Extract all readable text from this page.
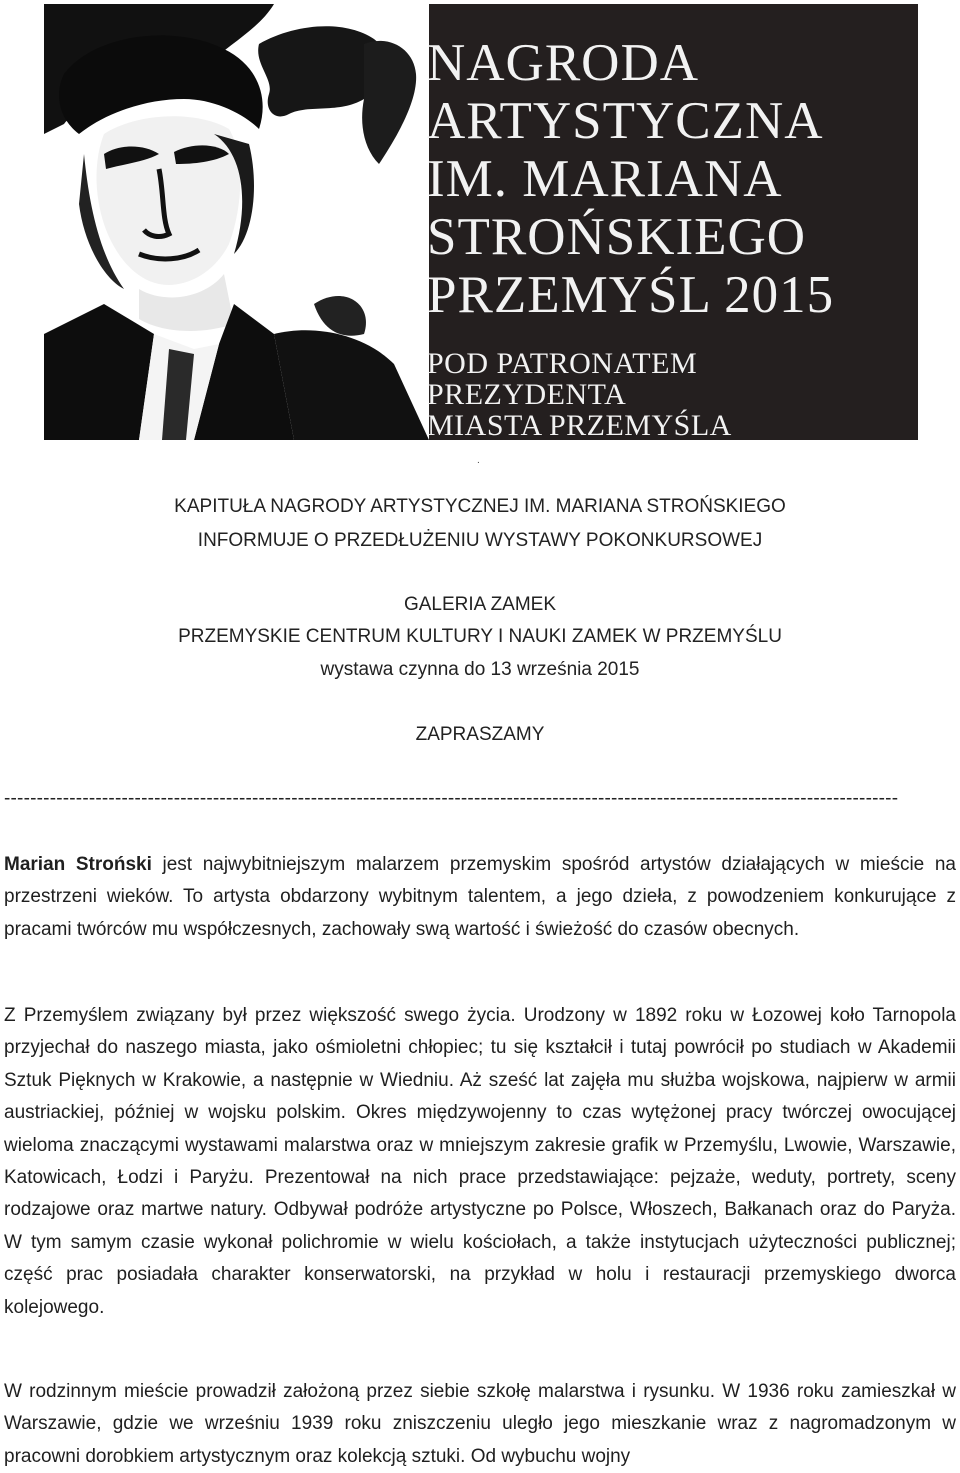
NAGRODA
ARTYSTYCZNA
IM. MARIANA
STROŃSKIEGO
PRZEMYŚL 2015
POD PATRONATEM
PREZYDENTA
MIASTA PRZEMYŚLA
.
KAPITUŁA NAGRODY ARTYSTYCZNEJ IM. MARIANA STROŃSKIEGO
INFORMUJE O PRZEDŁUŻENIU WYSTAWY POKONKURSOWEJ
GALERIA ZAMEK
PRZEMYSKIE CENTRUM KULTURY I NAUKI ZAMEK W PRZEMYŚLU
wystawa czynna do 13 września 2015
ZAPRASZAMY
-----------------------------------------------------------------------------------------------------------------------------------------
Marian Stroński jest najwybitniejszym malarzem przemyskim spośród artystów działających w mieście na przestrzeni wieków. To artysta obdarzony wybitnym talentem, a jego dzieła, z powodzeniem konkurujące z pracami twórców mu współczesnych, zachowały swą wartość i świeżość do czasów obecnych.
Z Przemyślem związany był przez większość swego życia. Urodzony w 1892 roku w Łozowej koło Tarnopola przyjechał do naszego miasta, jako ośmioletni chłopiec; tu się kształcił i tutaj powrócił po studiach w Akademii Sztuk Pięknych w Krakowie, a następnie w Wiedniu. Aż sześć lat zajęła mu służba wojskowa, najpierw w armii austriackiej, później w wojsku polskim. Okres międzywojenny to czas wytężonej pracy twórczej owocującej wieloma znaczącymi wystawami malarstwa oraz w mniejszym zakresie grafik w Przemyślu, Lwowie, Warszawie, Katowicach, Łodzi i Paryżu. Prezentował na nich prace przedstawiające: pejzaże, weduty, portrety, sceny rodzajowe oraz martwe natury. Odbywał podróże artystyczne po Polsce, Włoszech, Bałkanach oraz do Paryża. W tym samym czasie wykonał polichromie w wielu kościołach, a także instytucjach użyteczności publicznej; część prac posiadała charakter konserwatorski, na przykład w holu i restauracji przemyskiego dworca kolejowego.
W rodzinnym mieście prowadził założoną przez siebie szkołę malarstwa i rysunku. W 1936 roku zamieszkał w Warszawie, gdzie we wrześniu 1939 roku zniszczeniu uległo jego mieszkanie wraz z nagromadzonym w pracowni dorobkiem artystycznym oraz kolekcją sztuki. Od wybuchu wojny
